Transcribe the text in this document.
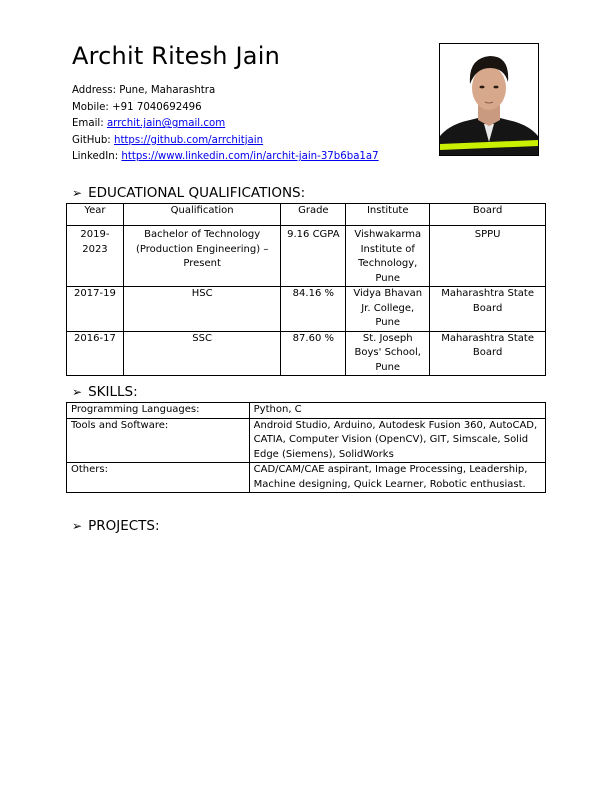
Archit Ritesh Jain
Address: Pune, Maharashtra
Mobile: +91 7040692496
Email: arrchit.jain@gmail.com
GitHub: https://github.com/arrchitjain
LinkedIn: https://www.linkedin.com/in/archit-jain-37b6ba1a7
➢ EDUCATIONAL QUALIFICATIONS:
Year	Qualification	Grade	Institute	Board
2019-2023	Bachelor of Technology (Production Engineering) – Present	9.16 CGPA	Vishwakarma Institute of Technology, Pune	SPPU
2017-19	HSC	84.16 %	Vidya Bhavan Jr. College, Pune	Maharashtra State Board
2016-17	SSC	87.60 %	St. Joseph Boys' School, Pune	Maharashtra State Board
➢ SKILLS:
Programming Languages:	Python, C
Tools and Software:	Android Studio, Arduino, Autodesk Fusion 360, AutoCAD, CATIA, Computer Vision (OpenCV), GIT, Simscale, Solid Edge (Siemens), SolidWorks
Others:	CAD/CAM/CAE aspirant, Image Processing, Leadership, Machine designing, Quick Learner, Robotic enthusiast.
➢ PROJECTS:
